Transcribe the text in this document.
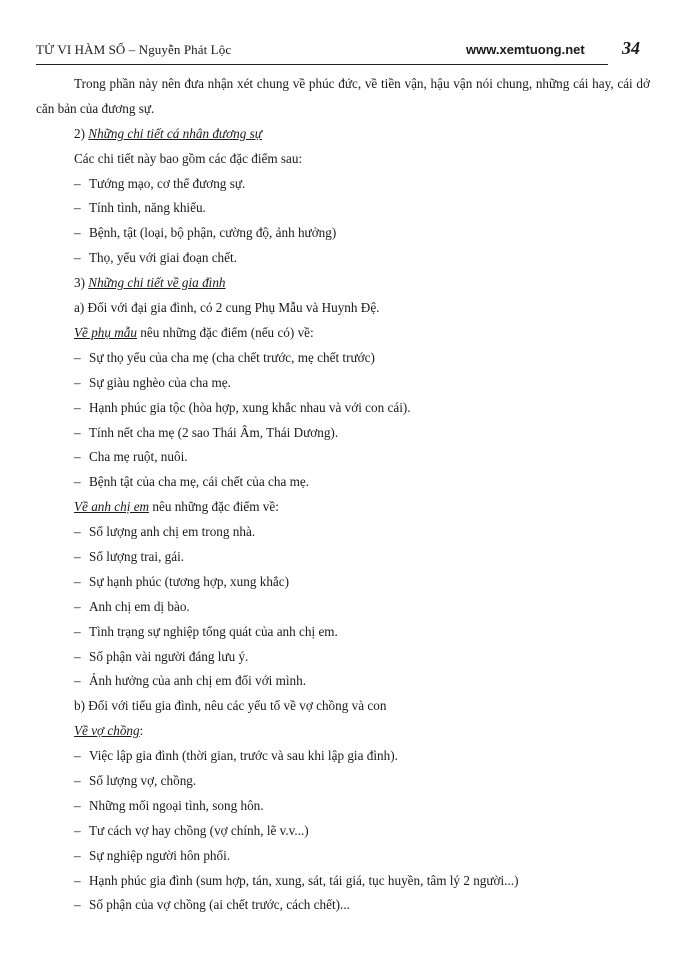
TỬ VI HÀM SỐ – Nguyễn Phát Lộc	www.xemtuong.net 34
Trong phần này nên đưa nhận xét chung về phúc đức, về tiền vận, hậu vận nói chung, những cái hay, cái dở căn bản của đương sự.
2) Những chi tiết cá nhân đương sự
Các chi tiết này bao gồm các đặc điểm sau:
– Tướng mạo, cơ thể đương sự.
– Tính tình, năng khiếu.
– Bệnh, tật (loại, bộ phận, cường độ, ảnh hưởng)
– Thọ, yểu với giai đoạn chết.
3) Những chi tiết về gia đình
a) Đối với đại gia đình, có 2 cung Phụ Mẫu và Huynh Đệ.
Về phụ mẫu nêu những đặc điểm (nếu có) về:
– Sự thọ yểu của cha mẹ (cha chết trước, mẹ chết trước)
– Sự giàu nghèo của cha mẹ.
– Hạnh phúc gia tộc (hòa hợp, xung khắc nhau và với con cái).
– Tính nết cha mẹ (2 sao Thái Âm, Thái Dương).
– Cha mẹ ruột, nuôi.
– Bệnh tật của cha mẹ, cái chết của cha mẹ.
Về anh chị em nêu những đặc điểm về:
– Số lượng anh chị em trong nhà.
– Số lượng trai, gái.
– Sự hạnh phúc (tương hợp, xung khắc)
– Anh chị em dị bào.
– Tình trạng sự nghiệp tổng quát của anh chị em.
– Số phận vài người đáng lưu ý.
– Ảnh hưởng của anh chị em đối với mình.
b) Đối với tiểu gia đình, nêu các yếu tố về vợ chồng và con
Về vợ chồng:
– Việc lập gia đình (thời gian, trước và sau khi lập gia đình).
– Số lượng vợ, chồng.
– Những mối ngoại tình, song hôn.
– Tư cách vợ hay chồng (vợ chính, lẽ v.v...)
– Sự nghiệp người hôn phối.
– Hạnh phúc gia đình (sum hợp, tán, xung, sát, tái giá, tục huyền, tâm lý 2 người...)
– Số phận của vợ chồng (ai chết trước, cách chết)...
